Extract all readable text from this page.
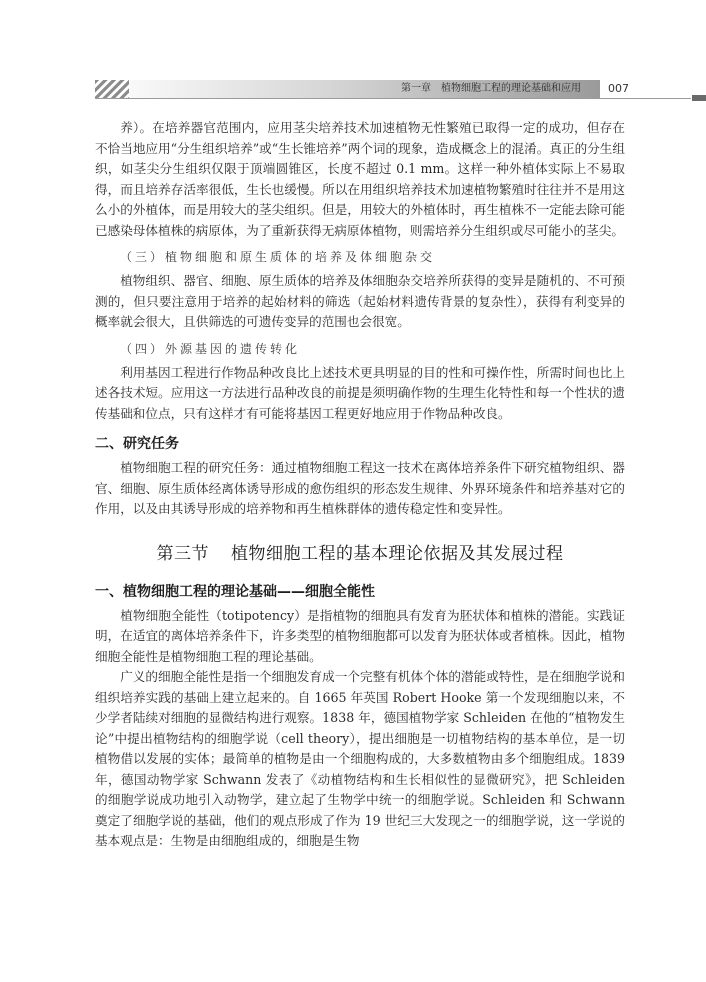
第一章 植物细胞工程的理论基础和应用 007

养）。在培养器官范围内，应用茎尖培养技术加速植物无性繁殖已取得一定的成功，但存在不恰当地应用“分生组织培养”或“生长锥培养”两个词的现象，造成概念上的混淆。真正的分生组织，如茎尖分生组织仅限于顶端圆锥区，长度不超过 0.1 mm。这样一种外植体实际上不易取得，而且培养存活率很低，生长也缓慢。所以在用组织培养技术加速植物繁殖时往往并不是用这么小的外植体，而是用较大的茎尖组织。但是，用较大的外植体时，再生植株不一定能去除可能已感染母体植株的病原体，为了重新获得无病原体植物，则需培养分生组织或尽可能小的茎尖。

（三）植物细胞和原生质体的培养及体细胞杂交

植物组织、器官、细胞、原生质体的培养及体细胞杂交培养所获得的变异是随机的、不可预测的，但只要注意用于培养的起始材料的筛选（起始材料遗传背景的复杂性），获得有利变异的概率就会很大，且供筛选的可遗传变异的范围也会很宽。

（四）外源基因的遗传转化

利用基因工程进行作物品种改良比上述技术更具明显的目的性和可操作性，所需时间也比上述各技术短。应用这一方法进行品种改良的前提是须明确作物的生理生化特性和每一个性状的遗传基础和位点，只有这样才有可能将基因工程更好地应用于作物品种改良。

二、研究任务

植物细胞工程的研究任务：通过植物细胞工程这一技术在离体培养条件下研究植物组织、器官、细胞、原生质体经离体诱导形成的愈伤组织的形态发生规律、外界环境条件和培养基对它的作用，以及由其诱导形成的培养物和再生植株群体的遗传稳定性和变异性。

第三节 植物细胞工程的基本理论依据及其发展过程
一、植物细胞工程的理论基础——细胞全能性

植物细胞全能性（totipotency）是指植物的细胞具有发育为胚状体和植株的潜能。实践证明，在适宜的离体培养条件下，许多类型的植物细胞都可以发育为胚状体或者植株。因此，植物细胞全能性是植物细胞工程的理论基础。

广义的细胞全能性是指一个细胞发育成一个完整有机体个体的潜能或特性，是在细胞学说和组织培养实践的基础上建立起来的。自 1665 年英国 Robert Hooke 第一个发现细胞以来，不少学者陆续对细胞的显微结构进行观察。1838 年，德国植物学家 Schleiden 在他的“植物发生论”中提出植物结构的细胞学说（cell theory），提出细胞是一切植物结构的基本单位，是一切植物借以发展的实体；最简单的植物是由一个细胞构成的，大多数植物由多个细胞组成。1839 年，德国动物学家 Schwann 发表了《动植物结构和生长相似性的显微研究》，把 Schleiden 的细胞学说成功地引入动物学，建立起了生物学中统一的细胞学说。Schleiden 和 Schwann 奠定了细胞学说的基础，他们的观点形成了作为 19 世纪三大发现之一的细胞学说，这一学说的基本观点是：生物是由细胞组成的，细胞是生物
